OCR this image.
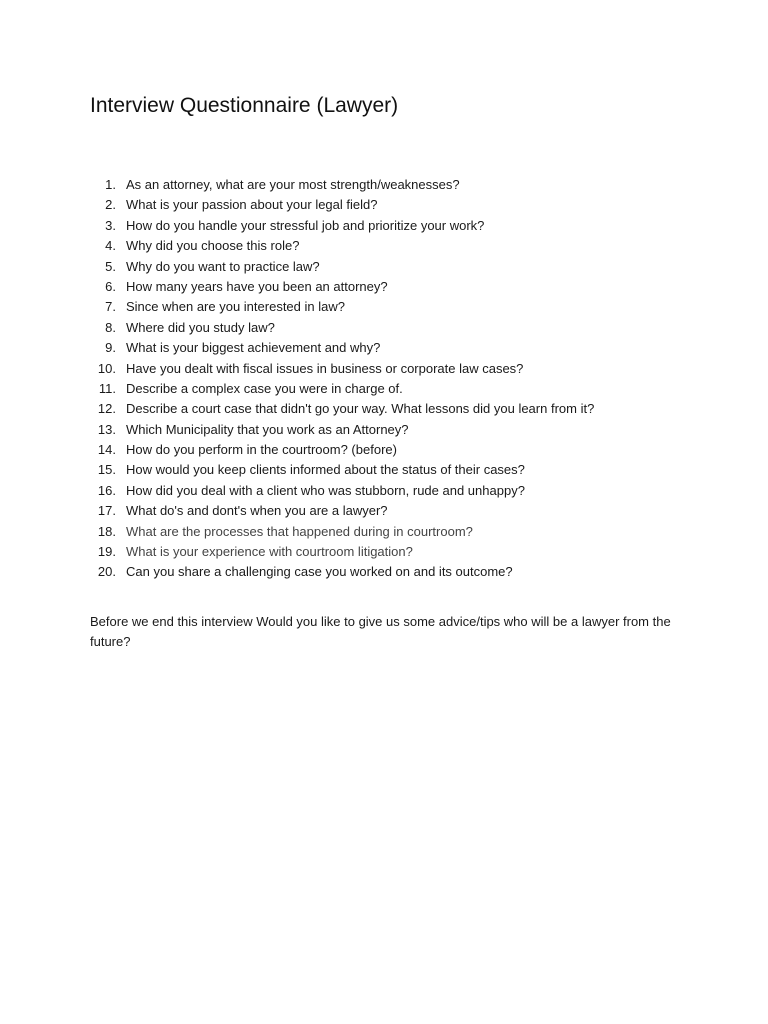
Interview Questionnaire (Lawyer)
1. As an attorney, what are your most strength/weaknesses?
2. What is your passion about your legal field?
3. How do you handle your stressful job and prioritize your work?
4. Why did you choose this role?
5. Why do you want to practice law?
6. How many years have you been an attorney?
7. Since when are you interested in law?
8. Where did you study law?
9. What is your biggest achievement and why?
10. Have you dealt with fiscal issues in business or corporate law cases?
11. Describe a complex case you were in charge of.
12. Describe a court case that didn't go your way. What lessons did you learn from it?
13. Which Municipality that you work as an Attorney?
14. How do you perform in the courtroom? (before)
15. How would you keep clients informed about the status of their cases?
16. How did you deal with a client who was stubborn, rude and unhappy?
17. What do's and dont's when you are a lawyer?
18. What are the processes that happened during in courtroom?
19. What is your experience with courtroom litigation?
20. Can you share a challenging case you worked on and its outcome?

Before we end this interview Would you like to give us some advice/tips who will be a lawyer from the future?
